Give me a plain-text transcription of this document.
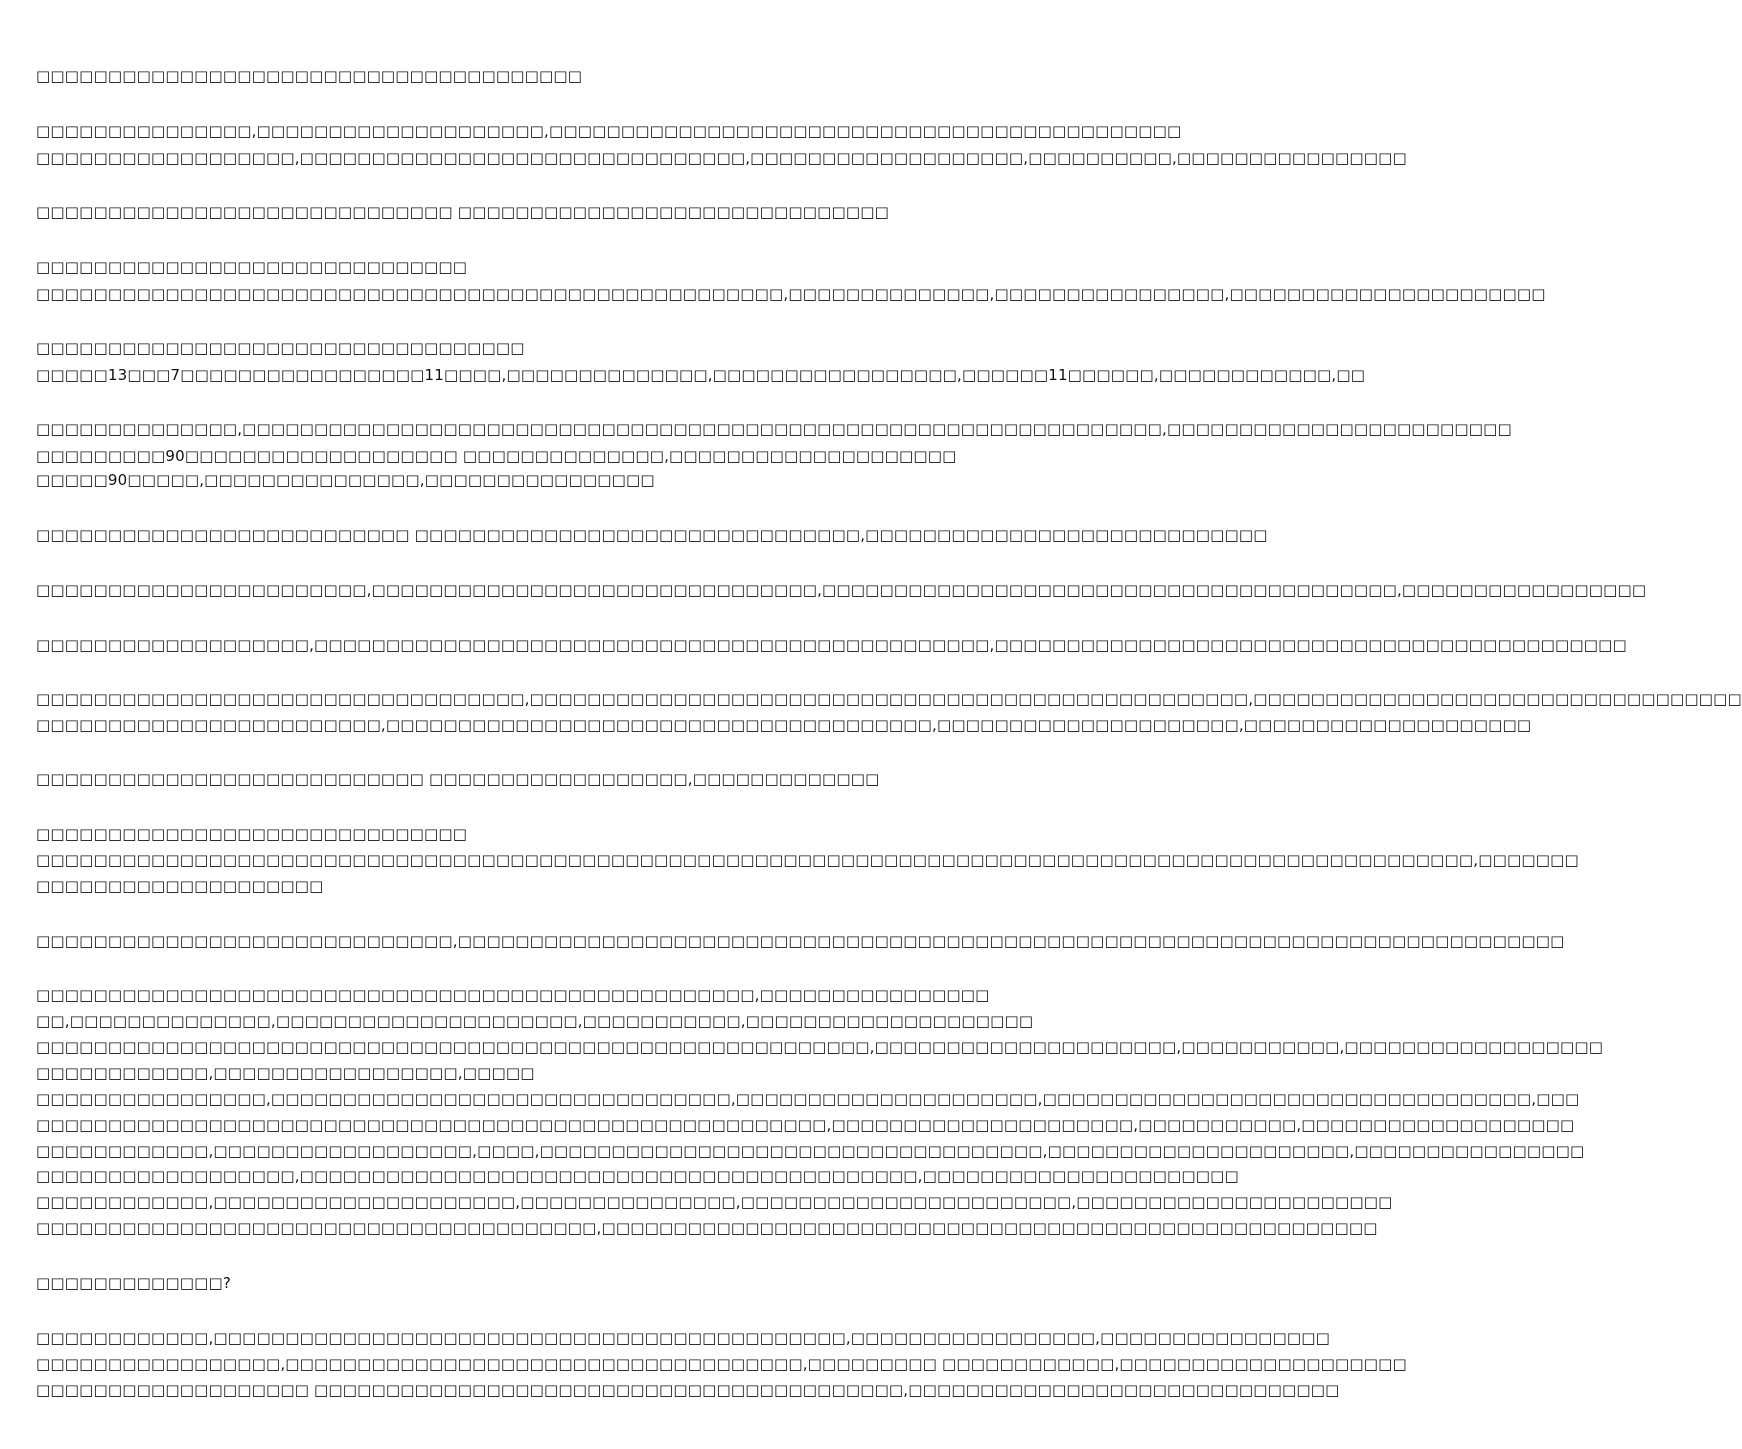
□□□□□□□□□□□□□□□□□□□□□□□□□□□□□□□□□□□□□□
□□□□□□□□□□□□□□□,□□□□□□□□□□□□□□□□□□□□,□□□□□□□□□□□□□□□□□□□□□□□□□□□□□□□□□□□□□□□□□□□□
□□□□□□□□□□□□□□□□□□,□□□□□□□□□□□□□□□□□□□□□□□□□□□□□□□,□□□□□□□□□□□□□□□□□□□,□□□□□□□□□□,□□□□□□□□□□□□□□□□
□□□□□□□□□□□□□□□□□□□□□□□□□□□□□ □□□□□□□□□□□□□□□□□□□□□□□□□□□□□□
□□□□□□□□□□□□□□□□□□□□□□□□□□□□□□
□□□□□□□□□□□□□□□□□□□□□□□□□□□□□□□□□□□□□□□□□□□□□□□□□□□□,□□□□□□□□□□□□□□,□□□□□□□□□□□□□□□□,□□□□□□□□□□□□□□□□□□□□□□
□□□□□□□□□□□□□□□□□□□□□□□□□□□□□□□□□□
□□□□□13□□□7□□□□□□□□□□□□□□□□□11□□□□,□□□□□□□□□□□□□□,□□□□□□□□□□□□□□□□□,□□□□□□11□□□□□□,□□□□□□□□□□□□,□□
□□□□□□□□□□□□□□,□□□□□□□□□□□□□□□□□□□□□□□□□□□□□□□□□□□□□□□□□□□□□□□□□□□□□□□□□□□□□□□□,□□□□□□□□□□□□□□□□□□□□□□□□
□□□□□□□□□90□□□□□□□□□□□□□□□□□□□ □□□□□□□□□□□□□□,□□□□□□□□□□□□□□□□□□□□
□□□□□90□□□□□,□□□□□□□□□□□□□□□,□□□□□□□□□□□□□□□□
□□□□□□□□□□□□□□□□□□□□□□□□□□ □□□□□□□□□□□□□□□□□□□□□□□□□□□□□□□,□□□□□□□□□□□□□□□□□□□□□□□□□□□□
□□□□□□□□□□□□□□□□□□□□□□□,□□□□□□□□□□□□□□□□□□□□□□□□□□□□□□□,□□□□□□□□□□□□□□□□□□□□□□□□□□□□□□□□□□□□□□□□,□□□□□□□□□□□□□□□□□
□□□□□□□□□□□□□□□□□□□,□□□□□□□□□□□□□□□□□□□□□□□□□□□□□□□□□□□□□□□□□□□□□□□,□□□□□□□□□□□□□□□□□□□□□□□□□□□□□□□□□□□□□□□□□□□□
□□□□□□□□□□□□□□□□□□□□□□□□□□□□□□□□□□,□□□□□□□□□□□□□□□□□□□□□□□□□□□□□□□□□□□□□□□□□□□□□□□□□□,□□□□□□□□□□□□□□□□□□□□□□□□□□□□□□□□□□
□□□□□□□□□□□□□□□□□□□□□□□□,□□□□□□□□□□□□□□□□□□□□□□□□□□□□□□□□□□□□□□,□□□□□□□□□□□□□□□□□□□□□,□□□□□□□□□□□□□□□□□□□□
□□□□□□□□□□□□□□□□□□□□□□□□□□□ □□□□□□□□□□□□□□□□□□,□□□□□□□□□□□□□
□□□□□□□□□□□□□□□□□□□□□□□□□□□□□□
□□□□□□□□□□□□□□□□□□□□□□□□□□□□□□□□□□□□□□□□□□□□□□□□□□□□□□□□□□□□□□□□□□□□□□□□□□□□□□□□□□□□□□□□□□□□□□□□□□□□,□□□□□□□
□□□□□□□□□□□□□□□□□□□□
□□□□□□□□□□□□□□□□□□□□□□□□□□□□□,□□□□□□□□□□□□□□□□□□□□□□□□□□□□□□□□□□□□□□□□□□□□□□□□□□□□□□□□□□□□□□□□□□□□□□□□□□□□□
□□□□□□□□□□□□□□□□□□□□□□□□□□□□□□□□□□□□□□□□□□□□□□□□□□,□□□□□□□□□□□□□□□□
□□,□□□□□□□□□□□□□□,□□□□□□□□□□□□□□□□□□□□□,□□□□□□□□□□□,□□□□□□□□□□□□□□□□□□□□
□□□□□□□□□□□□□□□□□□□□□□□□□□□□□□□□□□□□□□□□□□□□□□□□□□□□□□□□□□,□□□□□□□□□□□□□□□□□□□□□,□□□□□□□□□□□,□□□□□□□□□□□□□□□□□□
□□□□□□□□□□□□,□□□□□□□□□□□□□□□□□,□□□□□
□□□□□□□□□□□□□□□□,□□□□□□□□□□□□□□□□□□□□□□□□□□□□□□□□,□□□□□□□□□□□□□□□□□□□□□,□□□□□□□□□□□□□□□□□□□□□□□□□□□□□□□□□□,□□□
□□□□□□□□□□□□□□□□□□□□□□□□□□□□□□□□□□□□□□□□□□□□□□□□□□□□□□□,□□□□□□□□□□□□□□□□□□□□□,□□□□□□□□□□□,□□□□□□□□□□□□□□□□□□□
□□□□□□□□□□□□,□□□□□□□□□□□□□□□□□□,□□□□,□□□□□□□□□□□□□□□□□□□□□□□□□□□□□□□□□□□,□□□□□□□□□□□□□□□□□□□□□,□□□□□□□□□□□□□□□□
□□□□□□□□□□□□□□□□□□,□□□□□□□□□□□□□□□□□□□□□□□□□□□□□□□□□□□□□□□□□□□,□□□□□□□□□□□□□□□□□□□□□□
□□□□□□□□□□□□,□□□□□□□□□□□□□□□□□□□□□,□□□□□□□□□□□□□□□,□□□□□□□□□□□□□□□□□□□□□□□,□□□□□□□□□□□□□□□□□□□□□□
□□□□□□□□□□□□□□□□□□□□□□□□□□□□□□□□□□□□□□□,□□□□□□□□□□□□□□□□□□□□□□□□□□□□□□□□□□□□□□□□□□□□□□□□□□□□□□
□□□□□□□□□□□□□?
□□□□□□□□□□□□,□□□□□□□□□□□□□□□□□□□□□□□□□□□□□□□□□□□□□□□□□□□□,□□□□□□□□□□□□□□□□□,□□□□□□□□□□□□□□□□
□□□□□□□□□□□□□□□□□,□□□□□□□□□□□□□□□□□□□□□□□□□□□□□□□□□□□□,□□□□□□□□□ □□□□□□□□□□□□,□□□□□□□□□□□□□□□□□□□□
□□□□□□□□□□□□□□□□□□□ □□□□□□□□□□□□□□□□□□□□□□□□□□□□□□□□□□□□□□□□□,□□□□□□□□□□□□□□□□□□□□□□□□□□□□□□
